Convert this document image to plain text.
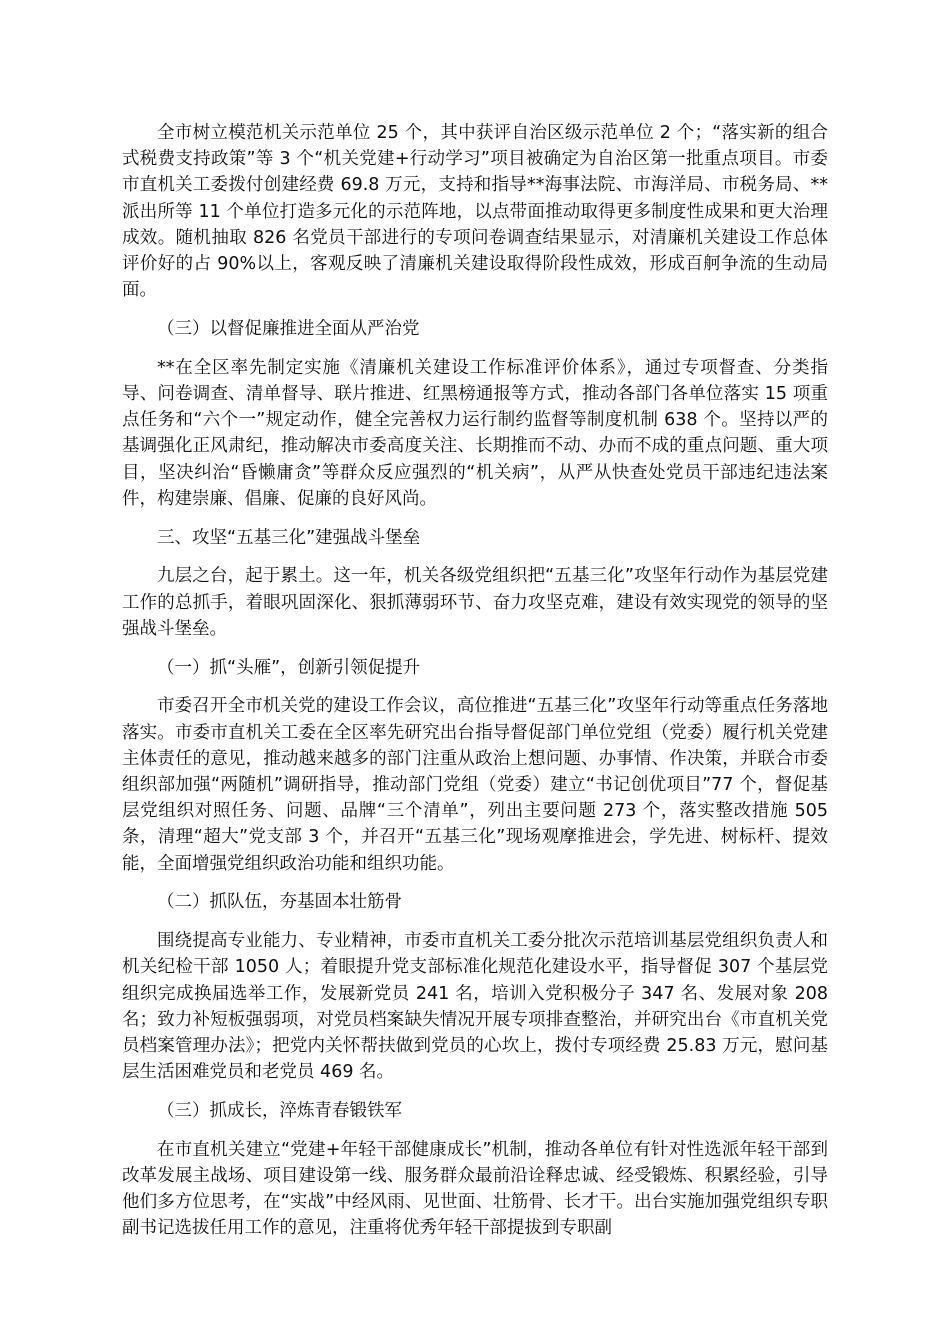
全市树立模范机关示范单位 25 个，其中获评自治区级示范单位 2 个；“落实新的组合式税费支持政策”等 3 个“机关党建+行动学习”项目被确定为自治区第一批重点项目。市委市直机关工委拨付创建经费 69.8 万元，支持和指导**海事法院、市海洋局、市税务局、**派出所等 11 个单位打造多元化的示范阵地，以点带面推动取得更多制度性成果和更大治理成效。随机抽取 826 名党员干部进行的专项问卷调查结果显示，对清廉机关建设工作总体评价好的占 90%以上，客观反映了清廉机关建设取得阶段性成效，形成百舸争流的生动局面。

（三）以督促廉推进全面从严治党

**在全区率先制定实施《清廉机关建设工作标准评价体系》，通过专项督查、分类指导、问卷调查、清单督导、联片推进、红黑榜通报等方式，推动各部门各单位落实 15 项重点任务和“六个一”规定动作，健全完善权力运行制约监督等制度机制 638 个。坚持以严的基调强化正风肃纪，推动解决市委高度关注、长期推而不动、办而不成的重点问题、重大项目，坚决纠治“昏懒庸贪”等群众反应强烈的“机关病”，从严从快查处党员干部违纪违法案件，构建崇廉、倡廉、促廉的良好风尚。

三、攻坚“五基三化”建强战斗堡垒

九层之台，起于累土。这一年，机关各级党组织把“五基三化”攻坚年行动作为基层党建工作的总抓手，着眼巩固深化、狠抓薄弱环节、奋力攻坚克难，建设有效实现党的领导的坚强战斗堡垒。

（一）抓“头雁”，创新引领促提升

市委召开全市机关党的建设工作会议，高位推进“五基三化”攻坚年行动等重点任务落地落实。市委市直机关工委在全区率先研究出台指导督促部门单位党组（党委）履行机关党建主体责任的意见，推动越来越多的部门注重从政治上想问题、办事情、作决策，并联合市委组织部加强“两随机”调研指导，推动部门党组（党委）建立“书记创优项目”77 个，督促基层党组织对照任务、问题、品牌“三个清单”，列出主要问题 273 个，落实整改措施 505 条，清理“超大”党支部 3 个，并召开“五基三化”现场观摩推进会，学先进、树标杆、提效能，全面增强党组织政治功能和组织功能。

（二）抓队伍，夯基固本壮筋骨

围绕提高专业能力、专业精神，市委市直机关工委分批次示范培训基层党组织负责人和机关纪检干部 1050 人；着眼提升党支部标准化规范化建设水平，指导督促 307 个基层党组织完成换届选举工作，发展新党员 241 名，培训入党积极分子 347 名、发展对象 208 名；致力补短板强弱项，对党员档案缺失情况开展专项排查整治，并研究出台《市直机关党员档案管理办法》；把党内关怀帮扶做到党员的心坎上，拨付专项经费 25.83 万元，慰问基层生活困难党员和老党员 469 名。

（三）抓成长，淬炼青春锻铁军

在市直机关建立“党建+年轻干部健康成长”机制，推动各单位有针对性选派年轻干部到改革发展主战场、项目建设第一线、服务群众最前沿诠释忠诚、经受锻炼、积累经验，引导他们多方位思考，在“实战”中经风雨、见世面、壮筋骨、长才干。出台实施加强党组织专职副书记选拔任用工作的意见，注重将优秀年轻干部提拔到专职副
